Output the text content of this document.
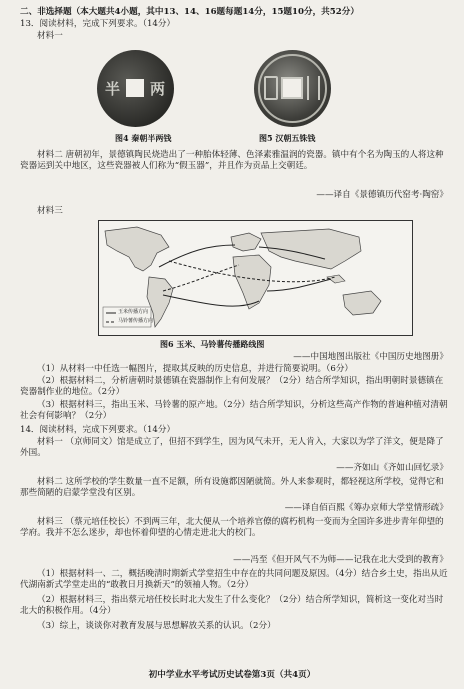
二、非选择题（本大题共4小题，其中13、14、16题每题14分，15题10分，共52分）

13．阅读材料，完成下列要求。（14分）

材料一

半 两
图4 秦朝半两钱	图5 汉朝五铢钱

材料二 唐朝初年，景德镇陶民烧造出了一种胎体轻薄、色泽素雅温润的瓷器。镇中有个名为陶玉的人将这种瓷器运到关中地区，这些瓷器被人们称为“假玉器”，并且作为贡品上交朝廷。

——译自《景德镇历代窑考·陶窑》

材料三

玉米传播方向
马铃薯传播方向
图6 玉米、马铃薯传播路线图

——中国地图出版社《中国历史地图册》

（1）从材料一中任选一幅图片，提取其反映的历史信息，并进行简要说明。（6分）

（2）根据材料二，分析唐朝时景德镇在瓷器制作上有何发展？（2分）结合所学知识，指出明朝时景德镇在瓷器制作业的地位。（2分）

（3）根据材料三，指出玉米、马铃薯的原产地。（2分）结合所学知识，分析这些高产作物的普遍种植对清朝社会有何影响？（2分）

14．阅读材料，完成下列要求。（14分）

材料一 （京师同文）馆是成立了，但招不到学生，因为风气未开，无人肯入，大家以为学了洋文，便是降了外国。

——齐如山《齐如山回忆录》

材料二 这所学校的学生数量一直不足额，所有设施都因陋就简。外人来参观时，都轻视这所学校，觉得它和那些简陋的启蒙学堂没有区别。

——译自佰百熙《筹办京师大学堂情形疏》

材料三 （蔡元培任校长）不到两三年，北大便从一个培养官僚的腐朽机构一变而为全国许多进步青年仰望的学府。我并不怎么迷步，却也怀着仰望的心情走进北大的校门。

——冯至《但开风气不为师——记我在北大受到的教育》

（1）根据材料一、二，概括晚清时期新式学堂招生中存在的共同问题及原因。（4分）结合乡土史，指出从近代湖南新式学堂走出的“敢教日月换新天”的领袖人物。（2分）

（2）根据材料三，指出蔡元培任校长时北大发生了什么变化？（2分）结合所学知识，简析这一变化对当时北大的积极作用。（4分）

（3）综上，谈谈你对教育发展与思想解放关系的认识。（2分）

初中学业水平考试历史试卷第3页（共4页）
